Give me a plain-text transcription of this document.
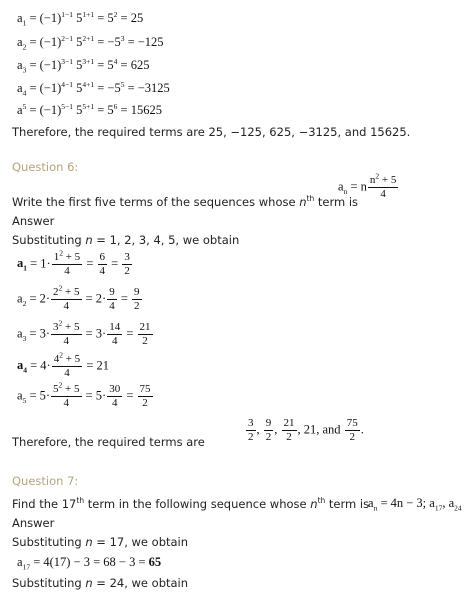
$a_1 = (-1)^{1-1}$ $5^{1+1} = 5^2 = 25$
$a_2 = (-1)^{2-1}$ $5^{2+1} = -5^3 = -125$
$a_3 = (-1)^{3-1}$ $5^{3+1} = 5^4 = 625$
$a_4 = (-1)^{4-1}$ $5^{4+1} = -5^5 = -3125$
$a^5 = (-1)^{5-1}$ $5^{5+1} = 5^6 = 15625$
Therefore, the required terms are 25, −125, 625, −3125, and 15625.
Question 6:
Write the first five terms of the sequences whose $n^{th}$ term is
$a_n = n \frac{n^2 + 5}{4}$
Answer
Substituting n = 1, 2, 3, 4, 5, we obtain
$a_1 = 1\cdot \frac{1^2 + 5}{4} = \frac{6}{4} = \frac{3}{2}$
$a_2 = 2\cdot \frac{2^2 + 5}{4} = 2\cdot \frac{9}{4} = \frac{9}{2}$
$a_3 = 3\cdot \frac{3^2 + 5}{4} = 3\cdot \frac{14}{4} = \frac{21}{2}$
$a_4 = 4\cdot \frac{4^2 + 5}{4} = 21$
$a_5 = 5\cdot \frac{5^2 + 5}{4} = 5\cdot \frac{30}{4} = \frac{75}{2}$
Therefore, the required terms are	$\frac{3}{2}$ , $\frac{9}{2}$ , $\frac{21}{2}$ , 21, and $\frac{75}{2}$ .
Question 7:
Find the 17th term in the following sequence whose $n^{th}$ term is
$a_n = 4n - 3$; $a_{17}$, $a_{24}$
Answer
Substituting n = 17, we obtain
$a_{17} = 4(17) - 3 = 68 - 3 = 65$
Substituting n = 24, we obtain
